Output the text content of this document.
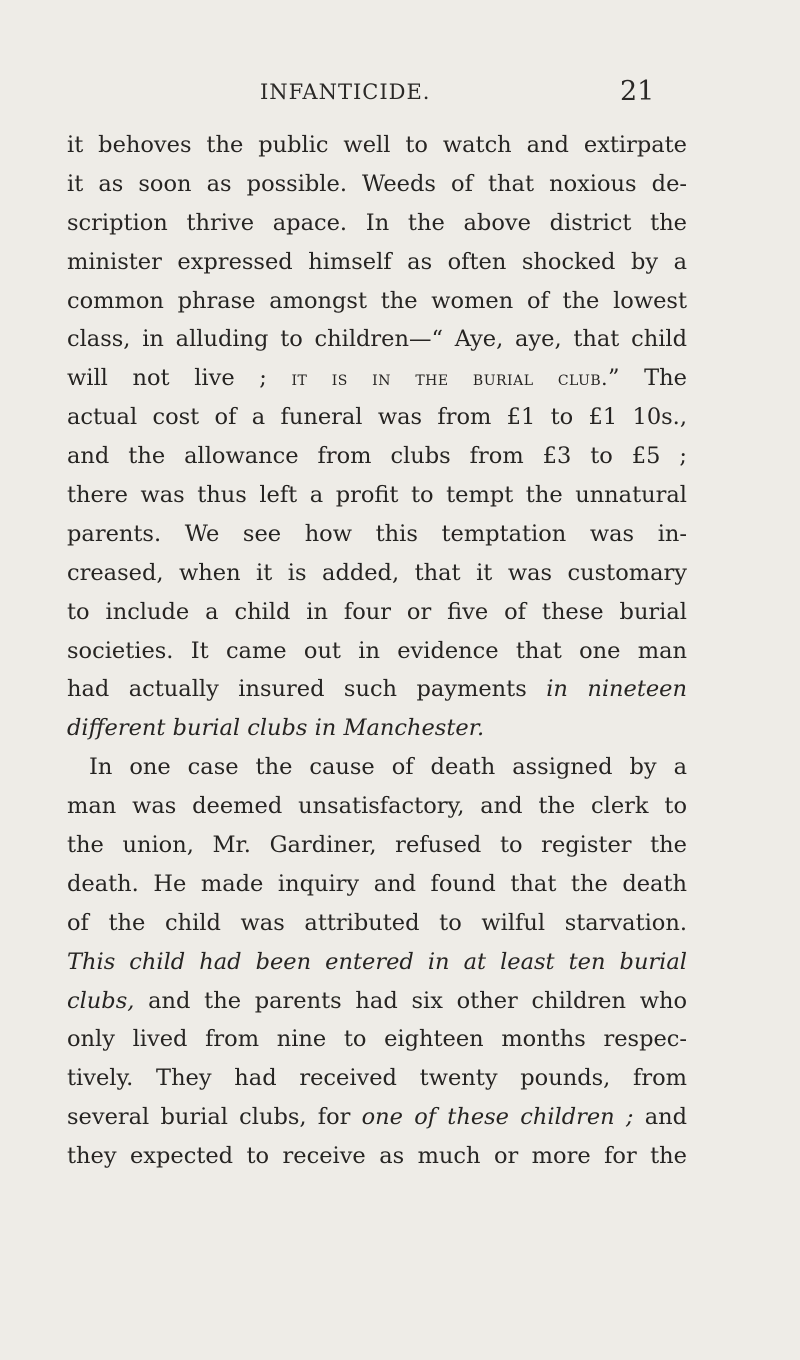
INFANTICIDE.	21
it behoves the public well to watch and extirpate
it as soon as possible. Weeds of that noxious de-
scription thrive apace. In the above district the
minister expressed himself as often shocked by a
common phrase amongst the women of the lowest
class, in alluding to children—“ Aye, aye, that child
will not live ; it is in the burial club.” The
actual cost of a funeral was from £1 to £1 10s.,
and the allowance from clubs from £3 to £5 ;
there was thus left a profit to tempt the unnatural
parents. We see how this temptation was in-
creased, when it is added, that it was customary
to include a child in four or five of these burial
societies. It came out in evidence that one man
had actually insured such payments in nineteen
different burial clubs in Manchester.
In one case the cause of death assigned by a
man was deemed unsatisfactory, and the clerk to
the union, Mr. Gardiner, refused to register the
death. He made inquiry and found that the death
of the child was attributed to wilful starvation.
This child had been entered in at least ten burial
clubs, and the parents had six other children who
only lived from nine to eighteen months respec-
tively. They had received twenty pounds, from
several burial clubs, for one of these children ; and
they expected to receive as much or more for the
